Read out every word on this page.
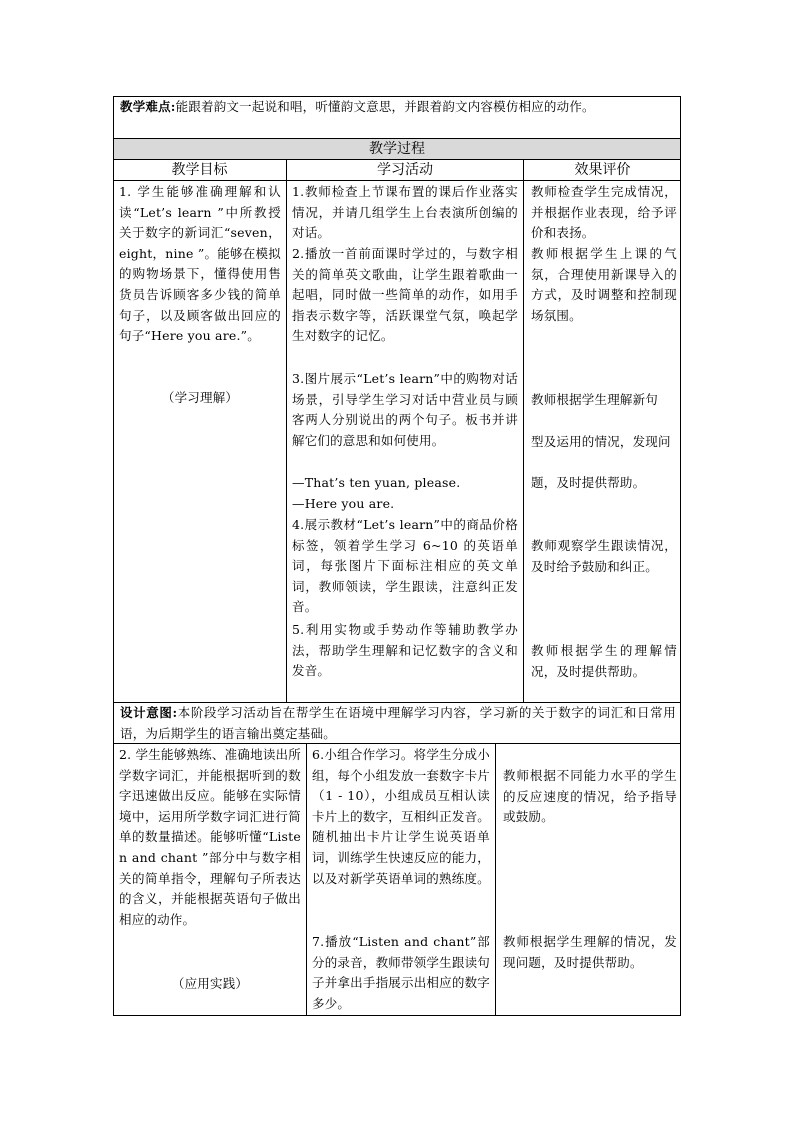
教学难点:能跟着韵文一起说和唱，听懂韵文意思，并跟着韵文内容模仿相应的动作。
教学过程
教学目标	学习活动	效果评价
1. 学生能够准确理解和认读“Let’s learn ”中所教授关于数字的新词汇“seven，eight，nine ”。能够在模拟的购物场景下，懂得使用售货员告诉顾客多少钱的简单句子，以及顾客做出回应的句子“Here you are.”。
（学习理解）
1.教师检查上节课布置的课后作业落实情况，并请几组学生上台表演所创编的对话。
2.播放一首前面课时学过的，与数字相关的简单英文歌曲，让学生跟着歌曲一起唱，同时做一些简单的动作，如用手指表示数字等，活跃课堂气氛，唤起学生对数字的记忆。
3.图片展示“Let’s learn”中的购物对话场景，引导学生学习对话中营业员与顾客两人分别说出的两个句子。板书并讲解它们的意思和如何使用。
—That’s ten yuan, please.
—Here you are.
4.展示教材“Let’s learn”中的商品价格标签，领着学生学习 6~10 的英语单词，每张图片下面标注相应的英文单词，教师领读，学生跟读，注意纠正发音。
5.利用实物或手势动作等辅助教学办法，帮助学生理解和记忆数字的含义和发音。
教师检查学生完成情况，并根据作业表现，给予评价和表扬。
教师根据学生上课的气氛，合理使用新课导入的方式，及时调整和控制现场氛围。
教师根据学生理解新句
型及运用的情况，发现问
题，及时提供帮助。
教师观察学生跟读情况，及时给予鼓励和纠正。
教师根据学生的理解情况，及时提供帮助。
设计意图:本阶段学习活动旨在帮学生在语境中理解学习内容，学习新的关于数字的词汇和日常用语，为后期学生的语言输出奠定基础。
2. 学生能够熟练、准确地读出所学数字词汇，并能根据听到的数字迅速做出反应。能够在实际情境中，运用所学数字词汇进行简单的数量描述。能够听懂“Listen and chant ”部分中与数字相关的简单指令，理解句子所表达的含义，并能根据英语句子做出相应的动作。
（应用实践）
6.小组合作学习。将学生分成小组，每个小组发放一套数字卡片（1 - 10），小组成员互相认读卡片上的数字，互相纠正发音。随机抽出卡片让学生说英语单词，训练学生快速反应的能力，以及对新学英语单词的熟练度。
7.播放“Listen and chant”部分的录音，教师带领学生跟读句子并拿出手指展示出相应的数字多少。
教师根据不同能力水平的学生的反应速度的情况，给予指导或鼓励。
教师根据学生理解的情况，发现问题，及时提供帮助。
